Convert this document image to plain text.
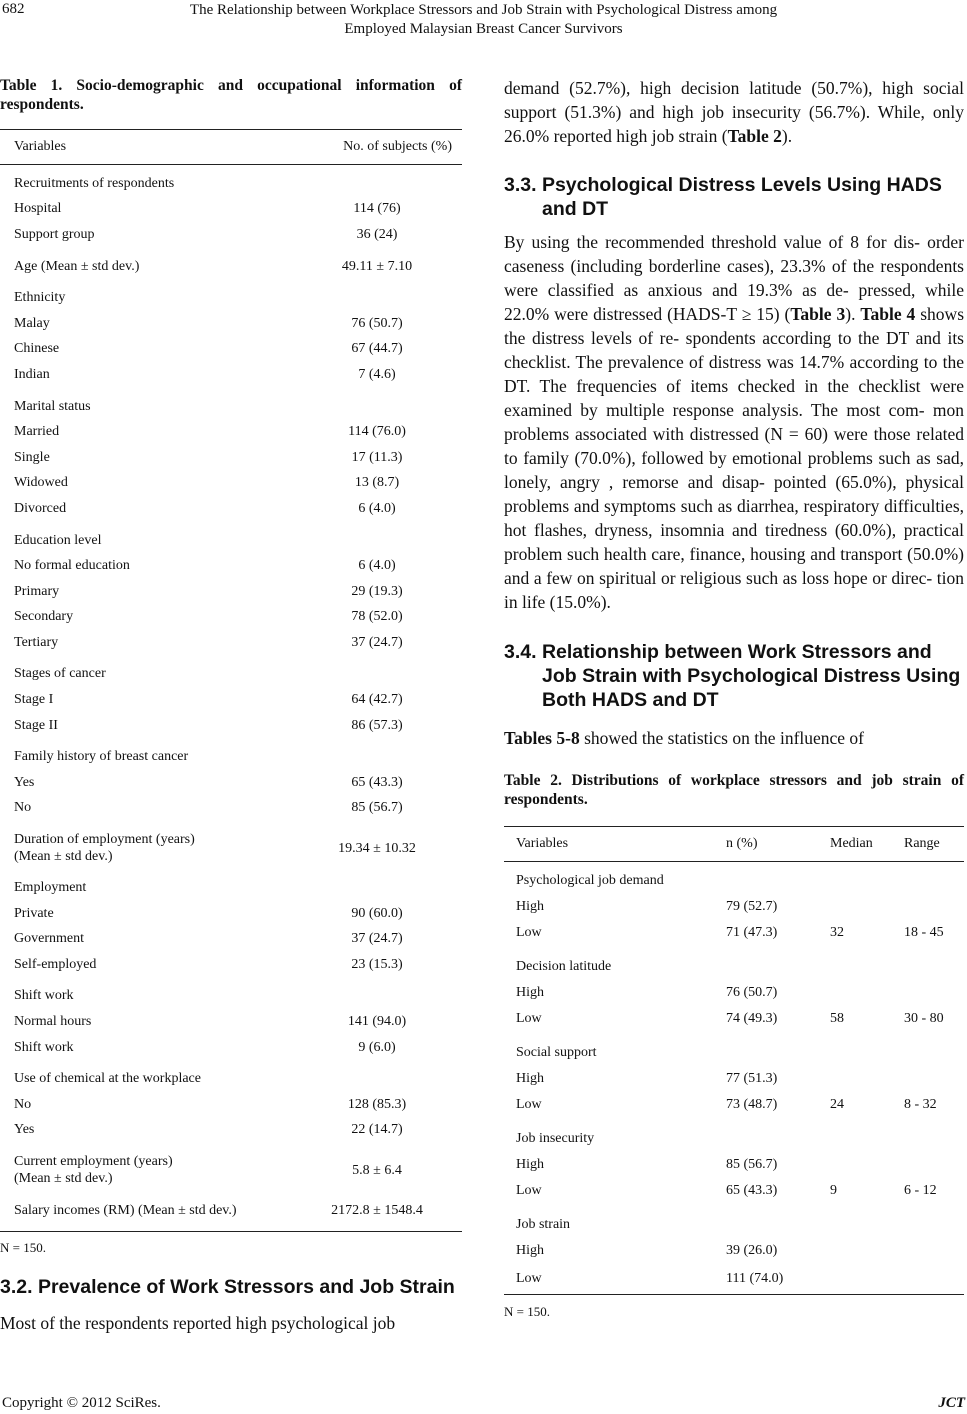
682	The Relationship between Workplace Stressors and Job Strain with Psychological Distress among
Employed Malaysian Breast Cancer Survivors
Table 1. Socio-demographic and occupational information of respondents.
Variables	No. of subjects (%)
Recruitments of respondents	
Hospital	114 (76)
Support group	36 (24)
Age (Mean ± std dev.)	49.11 ± 7.10
Ethnicity	
Malay	76 (50.7)
Chinese	67 (44.7)
Indian	7 (4.6)
Marital status	
Married	114 (76.0)
Single	17 (11.3)
Widowed	13 (8.7)
Divorced	6 (4.0)
Education level	
No formal education	6 (4.0)
Primary	29 (19.3)
Secondary	78 (52.0)
Tertiary	37 (24.7)
Stages of cancer	
Stage I	64 (42.7)
Stage II	86 (57.3)
Family history of breast cancer	
Yes	65 (43.3)
No	85 (56.7)
Duration of employment (years)
(Mean ± std dev.)	19.34 ± 10.32
Employment	
Private	90 (60.0)
Government	37 (24.7)
Self-employed	23 (15.3)
Shift work	
Normal hours	141 (94.0)
Shift work	9 (6.0)
Use of chemical at the workplace	
No	128 (85.3)
Yes	22 (14.7)
Current employment (years)
(Mean ± std dev.)	5.8 ± 6.4
Salary incomes (RM) (Mean ± std dev.)	2172.8 ± 1548.4
N = 150.
3.2. Prevalence of Work Stressors and Job Strain

Most of the respondents reported high psychological job

demand (52.7%), high decision latitude (50.7%), high social support (51.3%) and high job insecurity (56.7%). While, only 26.0% reported high job strain (Table 2).

3.3. Psychological Distress Levels Using HADS
and DT

By using the recommended threshold value of 8 for dis- order caseness (including borderline cases), 23.3% of the respondents were classified as anxious and 19.3% as de- pressed, while 22.0% were distressed (HADS-T ≥ 15) (Table 3). Table 4 shows the distress levels of re- spondents according to the DT and its checklist. The prevalence of distress was 14.7% according to the DT. The frequencies of items checked in the checklist were examined by multiple response analysis. The most com- mon problems associated with distressed (N = 60) were those related to family (70.0%), followed by emotional problems such as sad, lonely, angry , remorse and disap- pointed (65.0%), physical problems and symptoms such as diarrhea, respiratory difficulties, hot flashes, dryness, insomnia and tiredness (60.0%), practical problem such health care, finance, housing and transport (50.0%) and a few on spiritual or religious such as loss hope or direc- tion in life (15.0%).

3.4. Relationship between Work Stressors and
Job Strain with Psychological Distress Using
Both HADS and DT

Tables 5-8 showed the statistics on the influence of

Table 2. Distributions of workplace stressors and job strain of respondents.
Variables	n (%)	Median	Range
Psychological job demand			
High	79 (52.7)		
Low	71 (47.3)	32	18 - 45
Decision latitude			
High	76 (50.7)		
Low	74 (49.3)	58	30 - 80
Social support			
High	77 (51.3)		
Low	73 (48.7)	24	8 - 32
Job insecurity			
High	85 (56.7)		
Low	65 (43.3)	9	6 - 12
Job strain			
High	39 (26.0)		
Low	111 (74.0)		
N = 150.
Copyright © 2012 SciRes.	JCT
